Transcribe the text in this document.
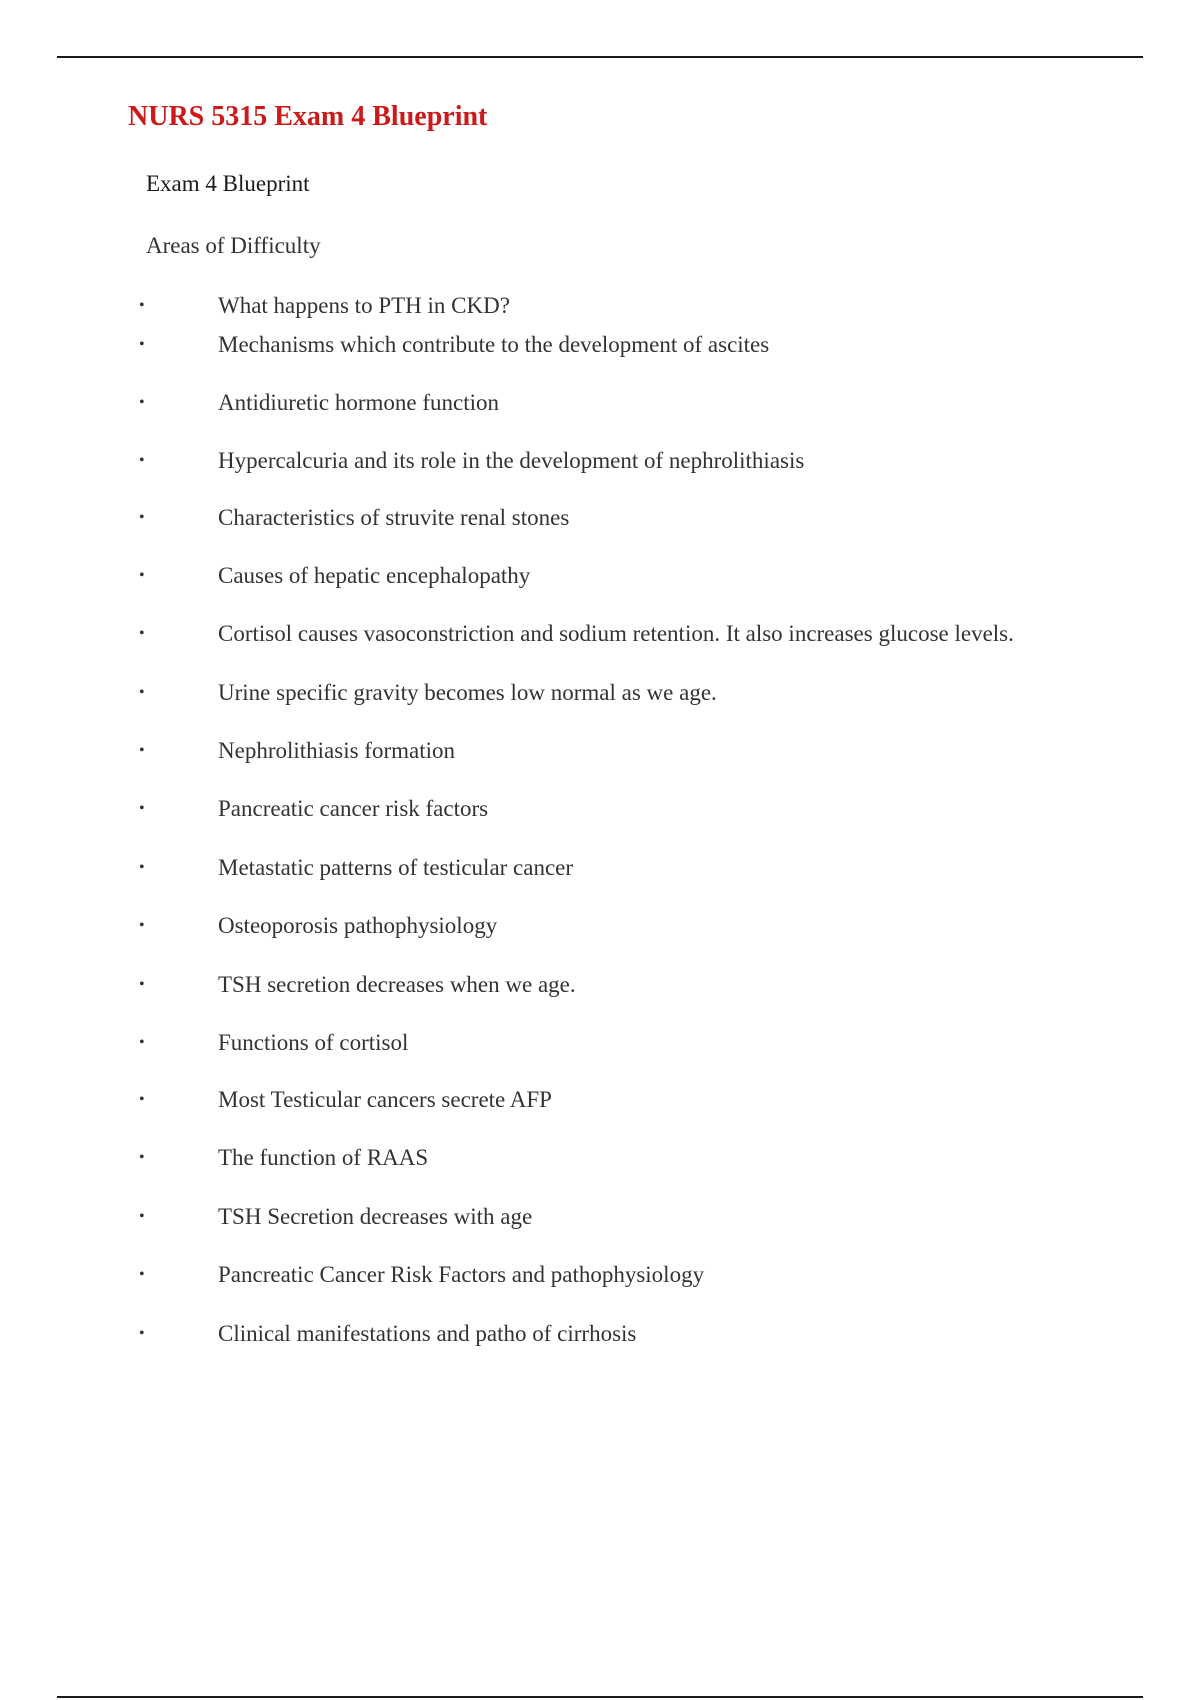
NURS 5315 Exam 4 Blueprint
Exam 4 Blueprint
Areas of Difficulty
•	What happens to PTH in CKD?
•	Mechanisms which contribute to the development of ascites
•	Antidiuretic hormone function
•	Hypercalcuria and its role in the development of nephrolithiasis
•	Characteristics of struvite renal stones
•	Causes of hepatic encephalopathy
•	Cortisol causes vasoconstriction and sodium retention. It also increases glucose levels.
•	Urine specific gravity becomes low normal as we age.
•	Nephrolithiasis formation
•	Pancreatic cancer risk factors
•	Metastatic patterns of testicular cancer
•	Osteoporosis pathophysiology
•	TSH secretion decreases when we age.
•	Functions of cortisol
•	Most Testicular cancers secrete AFP
•	The function of RAAS
•	TSH Secretion decreases with age
•	Pancreatic Cancer Risk Factors and pathophysiology
•	Clinical manifestations and patho of cirrhosis
